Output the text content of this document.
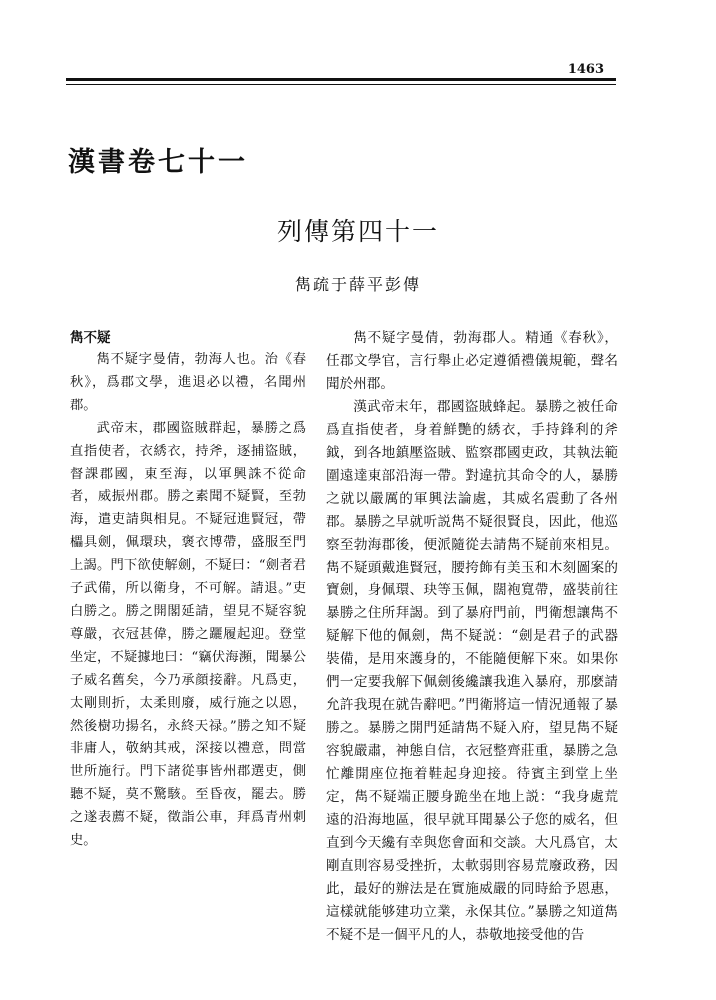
1463
漢書卷七十一
列傳第四十一
雋疏于薛平彭傳
雋不疑

雋不疑字曼倩，勃海人也。治《春秋》，爲郡文學，進退必以禮，名聞州郡。

武帝末，郡國盜賊群起，暴勝之爲直指使者，衣綉衣，持斧，逐捕盜賊，督課郡國，東至海，以軍興誅不從命者，威振州郡。勝之素聞不疑賢，至勃海，遣吏請與相見。不疑冠進賢冠，帶櫑具劍，佩環玦，褒衣博帶，盛服至門上謁。門下欲使解劍，不疑曰：“劍者君子武備，所以衛身，不可解。請退。”吏白勝之。勝之開閣延請，望見不疑容貌尊嚴，衣冠甚偉，勝之躧履起迎。登堂坐定，不疑據地曰：“竊伏海瀕，聞暴公子威名舊矣，今乃承顔接辭。凡爲吏，太剛則折，太柔則廢，威行施之以恩，然後樹功揚名，永終天禄。”勝之知不疑非庸人，敬納其戒，深接以禮意，問當世所施行。門下諸從事皆州郡選吏，側聽不疑，莫不驚駭。至昏夜，罷去。勝之遂表薦不疑，徵詣公車，拜爲青州刺史。

雋不疑字曼倩，勃海郡人。精通《春秋》，任郡文學官，言行舉止必定遵循禮儀規範，聲名聞於州郡。

漢武帝末年，郡國盜賊蜂起。暴勝之被任命爲直指使者，身着鮮艷的綉衣，手持鋒利的斧鉞，到各地鎮壓盜賊、監察郡國吏政，其執法範圍遠達東部沿海一帶。對違抗其命令的人，暴勝之就以嚴厲的軍興法論處，其威名震動了各州郡。暴勝之早就听説雋不疑很賢良，因此，他巡察至勃海郡後，便派隨從去請雋不疑前來相見。雋不疑頭戴進賢冠，腰挎飾有美玉和木刻圖案的寶劍，身佩環、玦等玉佩，闊袍寬帶，盛裝前往暴勝之住所拜謁。到了暴府門前，門衛想讓雋不疑解下他的佩劍，雋不疑説：“劍是君子的武器裝備，是用來護身的，不能隨便解下來。如果你們一定要我解下佩劍後纔讓我進入暴府，那麽請允許我現在就告辭吧。”門衛將這一情況通報了暴勝之。暴勝之開門延請雋不疑入府，望見雋不疑容貌嚴肅，神態自信，衣冠整齊莊重，暴勝之急忙離開座位拖着鞋起身迎接。待賓主到堂上坐定，雋不疑端正腰身跪坐在地上説：“我身處荒遠的沿海地區，很早就耳聞暴公子您的威名，但直到今天纔有幸與您會面和交談。大凡爲官，太剛直則容易受挫折，太軟弱則容易荒廢政務，因此，最好的辦法是在實施威嚴的同時給予恩惠，這樣就能够建功立業，永保其位。”暴勝之知道雋不疑不是一個平凡的人，恭敬地接受他的告
